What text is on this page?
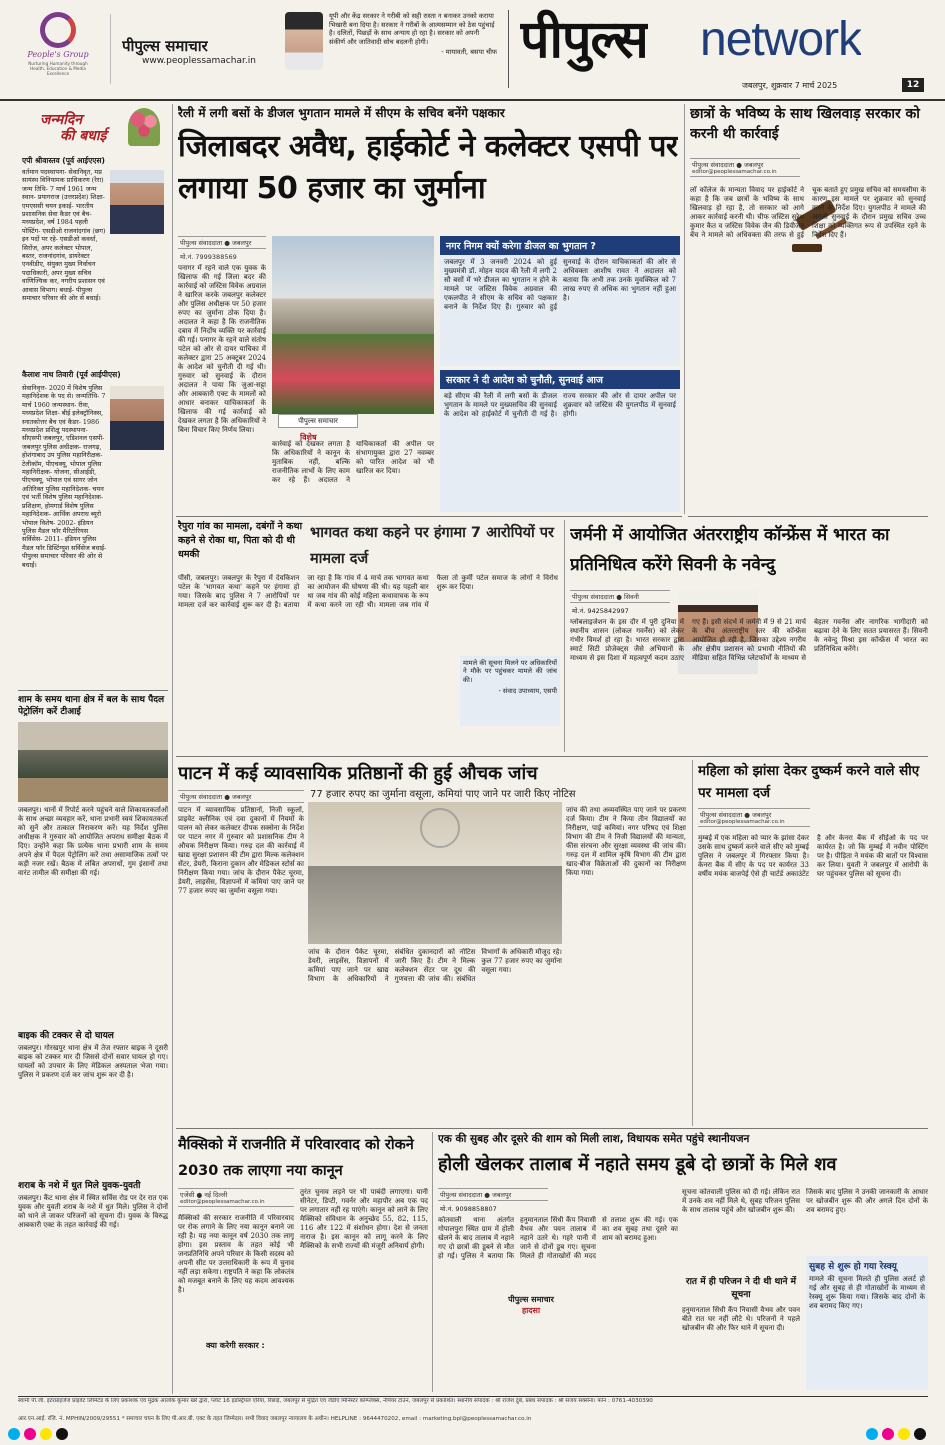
People's Group
Nurturing Humanity through Health, Education & Media Excellence
पीपुल्स समाचार
www.peoplessamachar.in
यूपी और केंद्र सरकार ने गरीबी को सही रास्ता न बनाकर उनको कराया भिखारी बना दिया है। सरकार ने गरीबों के आत्मसम्मान को ठेस पहुंचाई है। दलितों, पिछड़ों के साथ अन्याय हो रहा है। सरकार को अपनी संकीर्ण और जातिवादी सोच बदलनी होगी।
- मायावती, बसपा चीफ पीपुल्स network
जबलपुर, शुक्रवार 7 मार्च 2025	12
जन्मदिन
की बधाई
एपी श्रीवास्तव (पूर्व आईएएस)
वर्तमान पदस्थापना- सेवानिवृत, मप्र सायंस्थ विनियामक प्राधिकरण (रेरा) जन्म तिथि- 7 मार्च 1961 जन्म स्थान- प्रयागराज (उत्तरप्रदेश) शिक्षा- एमएससी चयन इकाई- भारतीय प्रशासनिक सेवा कैडर एवं बैच- मध्यप्रदेश, वर्ष 1984 पहली पोस्टिंग- एसडीओ राजनांदगांव (छग) इन पदों पर रहे- एसडीओ कवर्धा, सिरोंज, अपर कलेक्टर भोपाल, बस्तर, राजनांदगांव, डायरेक्टर एनवीडीए, संयुक्त मुख्य निर्वाचन पदाधिकारी, अपर मुख्य सचिव वाणिज्यिक कर, नगरीय प्रशासन एवं आवास विभाग। बधाई- पीपुल्स समाचार परिवार की ओर से बधाई।
कैलाश नाथ तिवारी (पूर्व आईपीएस)
सेवानिवृत्त- 2020 में विशेष पुलिस महानिदेशक के पद से। जन्मतिथि- 7 मार्च 1960 जन्मस्थान- रीवा, मध्यप्रदेश शिक्षा- बीई इलेक्ट्रॉनिक्स, स्नातकोत्तर बैच एवं कैडर- 1986 मध्यप्रदेश प्रशिक्षु पदस्थापना- सीएसपी जबलपुर, एडिशनल एसपी- जबलपुर पुलिस अधीक्षक- राजगढ़, होशंगाबाद उप पुलिस महानिरीक्षक- टेलीकॉम, पीएचक्यू, भोपाल पुलिस महानिरीक्षक- योजना, सीआईडी, पीएचक्यू, भोपाल एवं सागर जोन अतिरिक्त पुलिस महानिदेशक- चयन एवं भर्ती विशेष पुलिस महानिदेशक- प्रशिक्षण, होमगार्ड विशेष पुलिस महानिदेशक- आर्थिक अपराध ब्यूरो भोपाल विशेष- 2002- इंडियन पुलिस मैडल फॉर मैरिटोरियस सर्विसेस- 2011- इंडियन पुलिस मैडल फॉर डिस्टिंग्युश सर्विसेज बधाई- पीपुल्स समाचार परिवार की ओर से बधाई।
शाम के समय थाना क्षेत्र में बल के साथ पैदल पेट्रोलिंग करें टीआई
जबलपुर। थानों में रिपोर्ट करने पहुंचने वाले शिकायतकर्ताओं के साथ अच्छा व्यवहार करें, थाना प्रभारी स्वयं शिकायतकर्ता को सुनें और तत्काल निराकरण करें। यह निर्देश पुलिस अधीक्षक ने गुरुवार को आयोजित अपराध समीक्षा बैठक में दिए। उन्होंने कहा कि प्रत्येक थाना प्रभारी शाम के समय अपने क्षेत्र में पैदल पेट्रोलिंग करें तथा असामाजिक तत्वों पर कड़ी नजर रखें। बैठक में लंबित अपराधों, गुम इंसानों तथा वारंट तामील की समीक्षा की गई।
बाइक की टक्कर से दो घायल
जबलपुर। गोरखपुर थाना क्षेत्र में तेज रफ्तार बाइक ने दूसरी बाइक को टक्कर मार दी जिससे दोनों सवार घायल हो गए। घायलों को उपचार के लिए मेडिकल अस्पताल भेजा गया। पुलिस ने प्रकरण दर्ज कर जांच शुरू कर दी है।
शराब के नशे में धुत मिले युवक-युवती
जबलपुर। कैंट थाना क्षेत्र में स्थित सर्विस रोड पर देर रात एक युवक और युवती शराब के नशे में धुत मिले। पुलिस ने दोनों को थाने ले जाकर परिजनों को सूचना दी। युवक के विरुद्ध आबकारी एक्ट के तहत कार्रवाई की गई।
रैली में लगी बसों के डीजल भुगतान मामले में सीएम के सचिव बनेंगे पक्षकार
जिलाबदर अवैध, हाईकोर्ट ने कलेक्टर एसपी पर लगाया 50 हजार का जुर्माना
पीपुल्स संवाददाता ● जबलपुर
मो.नं. 7999388569
पनागर में रहने वाले एक युवक के खिलाफ की गई जिला बदर की कार्रवाई को जस्टिस विवेक अग्रवाल ने खारिज करके जबलपुर कलेक्टर और पुलिस अधीक्षक पर 50 हजार रुपए का जुर्माना ठोक दिया है। अदालत ने कहा है कि राजनीतिक दबाव में निर्दोष व्यक्ति पर कार्रवाई की गई। पनागर के रहने वाले संतोष पटेल को ओर से दायर याचिका में कलेक्टर द्वारा 25 अक्टूबर 2024 के आदेश को चुनौती दी गई थी। गुरुवार को सुनवाई के दौरान अदालत ने पाया कि जुआ-सट्टा और आबकारी एक्ट के मामलों को आधार बनाकर याचिकाकर्ता के खिलाफ की गई कार्रवाई को देखकर लगता है कि अधिकारियों ने बिना विचार किए निर्णय लिया।
पीपुल्स समाचार
विशेष
कार्रवाई को देखकर लगता है कि अधिकारियों ने कानून के मुताबिक नहीं, बल्कि राजनीतिक लाभों के लिए काम कर रहे हैं। अदालत ने याचिकाकर्ता की अपील पर संभागायुक्त द्वारा 27 नवम्बर को पारित आदेश को भी खारिज कर दिया।
नगर निगम क्यों करेगा डीजल का भुगतान ?
जबलपुर में 3 जनवरी 2024 को हुई मुख्यमंत्री डॉ. मोहन यादव की रैली में लगी 2 सौ बसों में भरे डीजल का भुगतान न होने के मामले पर जस्टिस विवेक अग्रवाल की एकलपीठ ने सीएम के सचिव को पक्षकार बनाने के निर्देश दिए हैं। गुरुवार को हुई सुनवाई के दौरान याचिकाकर्ता की ओर से अधिवक्ता आशीष रावत ने अदालत को बताया कि अभी तक उनके मुवक्किल को 7 लाख रुपए से अधिक का भुगतान नहीं हुआ है।
सरकार ने दी आदेश को चुनौती, सुनवाई आज
बड़े सीएम की रैली में लगी बसों के डीजल भुगतान के मामले पर मुख्यसचिव की सुनवाई के आदेश को हाईकोर्ट में चुनौती दी गई है। राज्य सरकार की ओर से दायर अपील पर शुक्रवार को जस्टिस की युगलपीठ में सुनवाई होगी।
छात्रों के भविष्य के साथ खिलवाड़ सरकार को करनी थी कार्रवाई
पीपुल्स संवाददाता ● जबलपुर
editor@peoplessamachar.co.in
लॉ कॉलेज के मान्यता विवाद पर हाईकोर्ट ने कहा है कि जब छात्रों के भविष्य के साथ खिलवाड़ हो रहा है, तो सरकार को आगे आकर कार्रवाई करनी थी। चीफ जस्टिस सुरेश कुमार कैत व जस्टिस विवेक जैन की डिवीजन बेंच ने मामले को अधिवक्ता की तरफ से हुई चूक बताते हुए प्रमुख सचिव को समयसीमा के कारण इस मामले पर शुक्रवार को सुनवाई करने के निर्देश दिए। युगलपीठ ने मामले की अगली सुनवाई के दौरान प्रमुख सचिव उच्च शिक्षा को व्यक्तिगत रूप से उपस्थित रहने के निर्देश दिए हैं।
रैपुरा गांव का मामला, दबंगों ने कथा कहने से रोका था, पिता को दी थी धमकी
भागवत कथा कहने पर हंगामा 7 आरोपियों पर मामला दर्ज
पौंसी, जबलपुर। जबलपुर के रैपुरा में देवकिशन पटेल के 'भागवत कथा' कहने पर हंगामा हो गया। जिसके बाद पुलिस ने 7 आरोपियों पर मामला दर्ज कर कार्रवाई शुरू कर दी है। बताया जा रहा है कि गांव में 4 मार्च तक भागवत कथा का आयोजन की घोषणा की थी। यह पहली बार था जब गांव की कोई महिला कथावाचक के रूप में कथा करने जा रही थी। मामला जब गांव में फैला तो कुर्मी पटेल समाज के लोगों ने विरोध शुरू कर दिया।
मामले की सूचना मिलने पर अधिकारियों ने मौके पर पहुंचकर मामले की जांच की।
- संवाद उपाध्याय, एसपी
जर्मनी में आयोजित अंतरराष्ट्रीय कॉन्फ्रेंस में भारत का प्रतिनिधित्व करेंगे सिवनी के नवेन्दु
पीपुल्स संवाददाता ● सिवनी
मो.नं. 9425842997
ग्लोबलाइजेशन के इस दौर में पूरी दुनिया में स्थानीय शासन (लोकल गवर्नेंस) को लेकर गंभीर विमर्श हो रहा है। भारत सरकार द्वारा स्मार्ट सिटी प्रोजेक्ट्स जैसे अभियानों के माध्यम से इस दिशा में महत्वपूर्ण कदम उठाए गए हैं। इसी संदर्भ में जर्मनी में 9 से 21 मार्च के बीच अंतरराष्ट्रीय स्तर की कॉन्फ्रेंस आयोजित हो रही है, जिसका उद्देश्य नगरीय और क्षेत्रीय प्रशासन को प्रभावी नीतियों की मीडिया सहित विभिन्न प्लेटफॉर्मों के माध्यम से बेहतर गवर्नेंस और नागरिक भागीदारी को बढ़ावा देने के लिए सतत प्रयासरत हैं। सिवनी के नवेन्दु मिश्रा इस कॉन्फ्रेंस में भारत का प्रतिनिधित्व करेंगे।
पाटन में कई व्यावसायिक प्रतिष्ठानों की हुई औचक जांच
77 हजार रुपए का जुर्माना वसूला, कमियां पाए जाने पर जारी किए नोटिस
पीपुल्स संवाददाता ● जबलपुर
पाटन में व्यावसायिक प्रतिष्ठानों, निजी स्कूलों, प्राइवेट क्लीनिक एवं दवा दुकानों में नियमों के पालन को लेकर कलेक्टर दीपक सक्सेना के निर्देश पर पाटन नगर में गुरुवार को प्रशासनिक टीम ने औचक निरीक्षण किया। गरुड़ दल की कार्रवाई में खाद्य सुरक्षा प्रशासन की टीम द्वारा मिल्क कलेक्शन सेंटर, डेयरी, किराना दुकान और मेडिकल स्टोर्स का निरीक्षण किया गया। जांच के दौरान पैकेट चूरमा, डेयरी, लाइसेंस, विज्ञापनों में कमियां पाए जाने पर 77 हजार रुपए का जुर्माना वसूला गया।
जांच के दौरान पैकेट चूरमा, डेयरी, लाइसेंस, विज्ञापनों में कमियां पाए जाने पर खाद्य विभाग के अधिकारियों ने संबंधित दुकानदारों को नोटिस जारी किए हैं। टीम ने मिल्क कलेक्शन सेंटर पर दूध की गुणवत्ता की जांच की। संबंधित विभागों के अधिकारी मौजूद रहे। कुल 77 हजार रुपए का जुर्माना वसूला गया।
जांच की तथा अव्यवस्थित पाए जाने पर प्रकरण दर्ज किया। टीम ने किया तीन विद्यालयों का निरीक्षण, पाई कमियां। नगर परिषद एवं शिक्षा विभाग की टीम ने निजी विद्यालयों की मान्यता, फीस संरचना और सुरक्षा व्यवस्था की जांच की। गरुड़ दल में शामिल कृषि विभाग की टीम द्वारा खाद-बीज विक्रेताओं की दुकानों का निरीक्षण किया गया।
महिला को झांसा देकर दुष्कर्म करने वाले सीए पर मामला दर्ज
पीपुल्स संवाददाता ● जबलपुर
editor@peoplessamachar.co.in
मुम्बई में एक महिला को प्यार के झांसा देकर उसके साथ दुष्कर्म करने वाले सीए को मुम्बई पुलिस ने जबलपुर में गिरफ्तार किया है। केनरा बैंक में सीए के पद पर कार्यरत 33 वर्षीय मयंक बाजपेई ऐसे ही चार्टर्ड अकाउंटेंट है और केनरा बैंक में सीईओ के पद पर कार्यरत है। जो कि मुम्बई में नवीन पोस्टिंग पर है। पीड़िता ने मयंक की बातों पर विश्वास कर लिया। युवती ने जबलपुर में आरोपी के घर पहुंचकर पुलिस को सूचना दी।
मैक्सिको में राजनीति में परिवारवाद को रोकने 2030 तक लाएगा नया कानून
एजेंसी ● नई दिल्ली
editor@peoplessamachar.co.in
मैक्सिको की सरकार राजनीति में परिवारवाद पर रोक लगाने के लिए नया कानून बनाने जा रही है। यह नया कानून वर्ष 2030 तक लागू होगा। इस प्रस्ताव के तहत कोई भी जनप्रतिनिधि अपने परिवार के किसी सदस्य को अपनी सीट पर उत्तराधिकारी के रूप में चुनाव नहीं लड़ा सकेगा। राष्ट्रपति ने कहा कि लोकतंत्र को मजबूत बनाने के लिए यह कदम आवश्यक है।
क्या करेगी सरकार :
तुरंत चुनाव लड़ने पर भी पाबंदी लगाएगा। यानी सीनेटर, डिप्टी, गवर्नर और महापौर अब एक पद पर लगातार नहीं रह पाएंगे। कानून को लाने के लिए मैक्सिको संविधान के अनुच्छेद 55, 82, 115, 116 और 122 में संशोधन होगा। देश से जनता नाराज है। इस कानून को लागू करने के लिए मैक्सिको के सभी राज्यों की मंजूरी अनिवार्य होगी।
एक की सुबह और दूसरे की शाम को मिली लाश, विधायक समेत पहुंचे स्थानीयजन
होली खेलकर तालाब में नहाते समय डूबे दो छात्रों के मिले शव
पीपुल्स संवाददाता ● जबलपुर
मो.नं. 9098858807
पीपुल्स समाचार
हादसा
कोतवाली थाना अंतर्गत गोपालपुरा स्थित ग्राम में होली खेलने के बाद तालाब में नहाने गए दो छात्रों की डूबने से मौत हो गई। पुलिस ने बताया कि हनुमानताल सिंधी कैंप निवासी वैभव और पवन तालाब में नहाने उतरे थे। गहरे पानी में जाने से दोनों डूब गए। सूचना मिलते ही गोताखोरों की मदद से तलाश शुरू की गई। एक का शव सुबह तथा दूसरे का शाम को बरामद हुआ।
सूचना कोतवाली पुलिस को दी गई। लेकिन रात में उनके शव नहीं मिले थे, सुबह परिजन पुलिस के साथ तालाब पहुंचे और खोजबीन शुरू की।
रात में ही परिजन ने दी थी थाने में सूचना
हनुमानताल सिंधी कैंप निवासी वैभव और पवन बीते रात घर नहीं लौटे थे। परिजनों ने पहले खोजबीन की और फिर थाने में सूचना दी।
जिसके बाद पुलिस ने उनकी जानकारी के आधार पर खोजबीन शुरू की और अगले दिन दोनों के शव बरामद हुए।
सुबह से शुरू हो गया रेस्क्यू
मामले की सूचना मिलते ही पुलिस अलर्ट हो गई और सुबह से ही गोताखोरों के माध्यम से रेस्क्यू शुरू किया गया। जिसके बाद दोनों के शव बरामद किए गए।
स्वामी पी.जी. इंटरप्राइजेज प्राइवेट लिमिटेड के लिए प्रकाशक एवं मुद्रक आलोक कुमार खरे द्वारा, प्लॉट 16 इंडस्ट्रियल एरिया, रिछाई, जबलपुर से मुद्रित एवं जेडीए मिनिस्टर कॉम्प्लेक्स, नेपियर टाउन, जबलपुर से प्रकाशित। स्थानीय संपादक : श्री राजेश दुबे, प्रबंध संपादक : श्री संजय सक्सेना। फोन : 0761-4030390
आर.एन.आई. रजि. नं. MPHIN/2009/29551 * समाचार चयन के लिए पी.आर.बी. एक्ट के तहत जिम्मेदार। सभी विवाद जबलपुर न्यायालय के अधीन। HELPLINE : 9644470202, email : marketing.bpl@peoplessamachar.co.in
